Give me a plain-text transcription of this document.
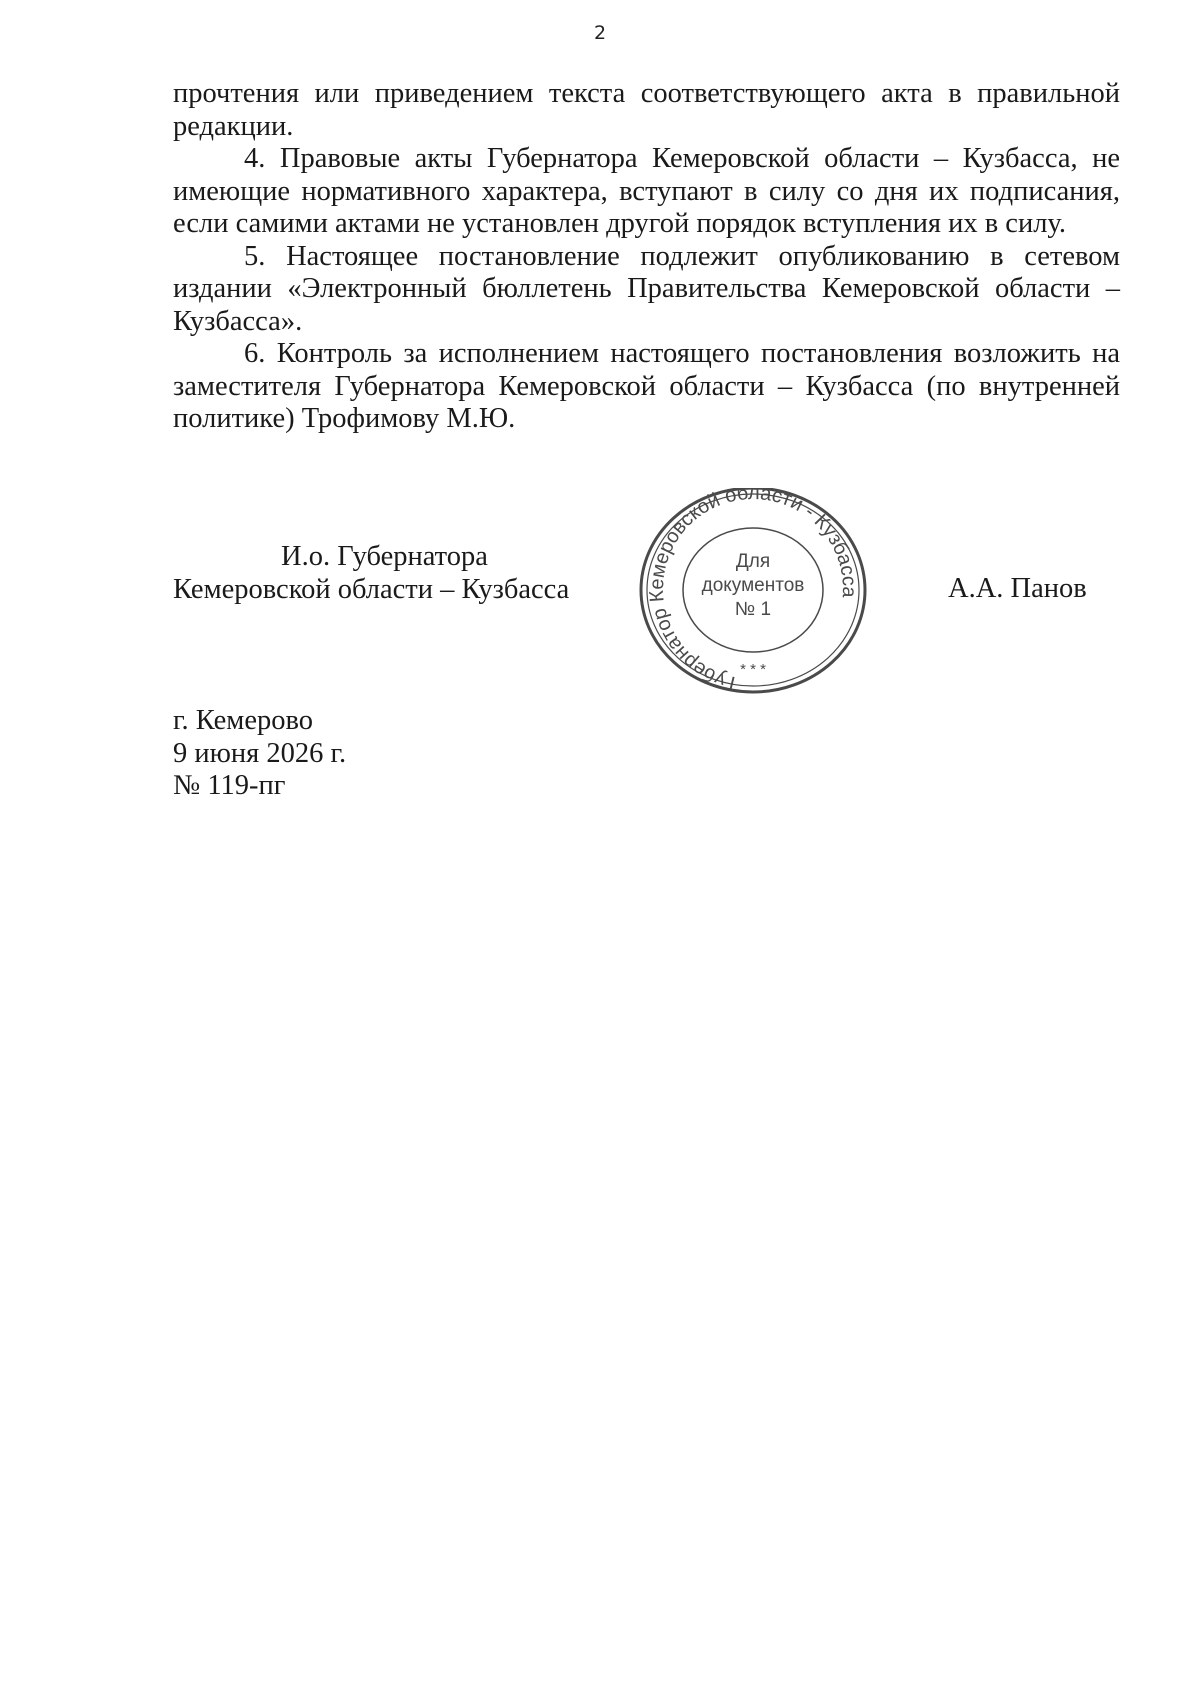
2

прочтения или приведением текста соответствующего акта в правильной редакции.

4. Правовые акты Губернатора Кемеровской области – Кузбасса, не имеющие нормативного характера, вступают в силу со дня их подписания, если самими актами не установлен другой порядок вступления их в силу.

5. Настоящее постановление подлежит опубликованию в сетевом издании «Электронный бюллетень Правительства Кемеровской области – Кузбасса».

6. Контроль за исполнением настоящего постановления возложить на заместителя Губернатора Кемеровской области – Кузбасса (по внутренней политике) Трофимову М.Ю.

И.о. Губернатора
Кемеровской области – Кузбасса
Губернатор Кемеровской области - Кузбасса
Для
документов
№ 1
* * *
А.А. Панов
г. Кемерово
9 июня 2026 г.
№ 119-пг
